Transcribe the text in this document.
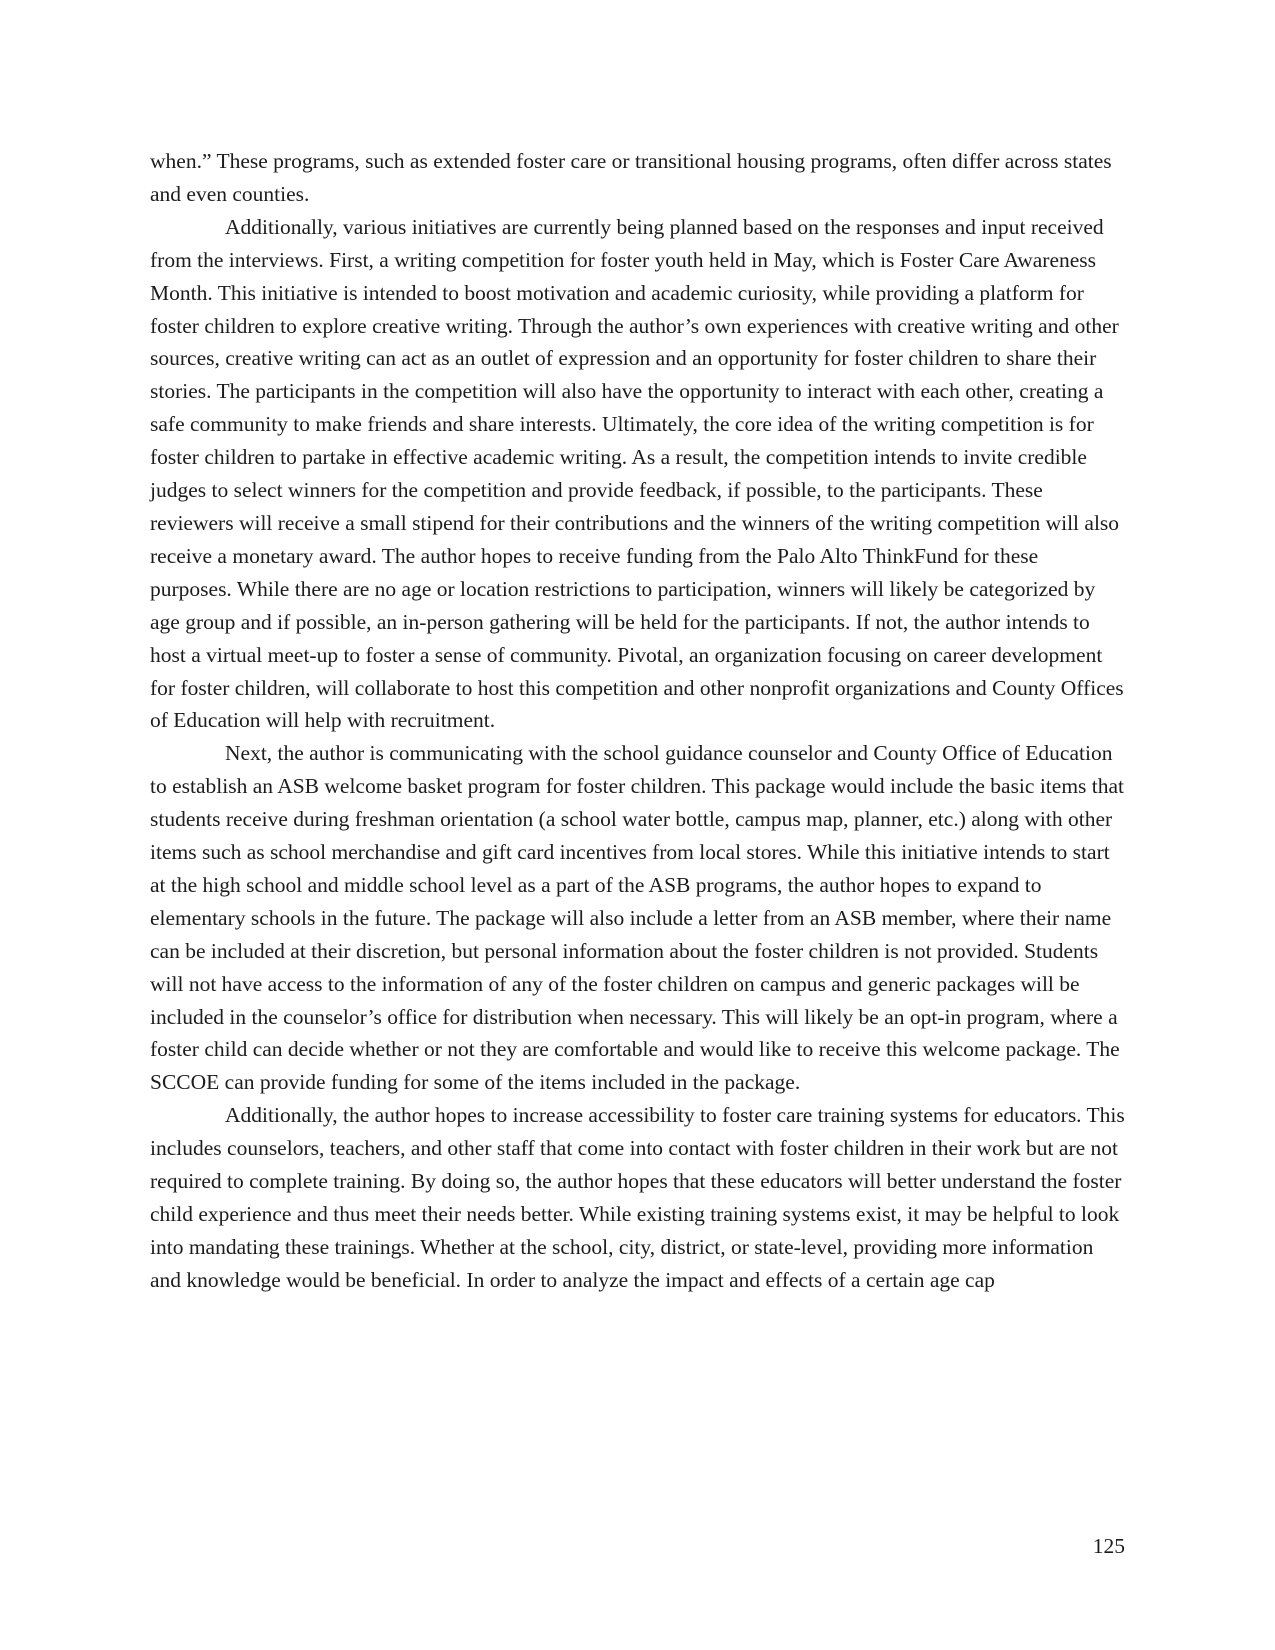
when.” These programs, such as extended foster care or transitional housing programs, often differ across states and even counties.

Additionally, various initiatives are currently being planned based on the responses and input received from the interviews. First, a writing competition for foster youth held in May, which is Foster Care Awareness Month. This initiative is intended to boost motivation and academic curiosity, while providing a platform for foster children to explore creative writing. Through the author’s own experiences with creative writing and other sources, creative writing can act as an outlet of expression and an opportunity for foster children to share their stories. The participants in the competition will also have the opportunity to interact with each other, creating a safe community to make friends and share interests. Ultimately, the core idea of the writing competition is for foster children to partake in effective academic writing. As a result, the competition intends to invite credible judges to select winners for the competition and provide feedback, if possible, to the participants. These reviewers will receive a small stipend for their contributions and the winners of the writing competition will also receive a monetary award. The author hopes to receive funding from the Palo Alto ThinkFund for these purposes. While there are no age or location restrictions to participation, winners will likely be categorized by age group and if possible, an in-person gathering will be held for the participants. If not, the author intends to host a virtual meet-up to foster a sense of community. Pivotal, an organization focusing on career development for foster children, will collaborate to host this competition and other nonprofit organizations and County Offices of Education will help with recruitment.

Next, the author is communicating with the school guidance counselor and County Office of Education to establish an ASB welcome basket program for foster children. This package would include the basic items that students receive during freshman orientation (a school water bottle, campus map, planner, etc.) along with other items such as school merchandise and gift card incentives from local stores. While this initiative intends to start at the high school and middle school level as a part of the ASB programs, the author hopes to expand to elementary schools in the future. The package will also include a letter from an ASB member, where their name can be included at their discretion, but personal information about the foster children is not provided. Students will not have access to the information of any of the foster children on campus and generic packages will be included in the counselor’s office for distribution when necessary. This will likely be an opt-in program, where a foster child can decide whether or not they are comfortable and would like to receive this welcome package. The SCCOE can provide funding for some of the items included in the package.

Additionally, the author hopes to increase accessibility to foster care training systems for educators. This includes counselors, teachers, and other staff that come into contact with foster children in their work but are not required to complete training. By doing so, the author hopes that these educators will better understand the foster child experience and thus meet their needs better. While existing training systems exist, it may be helpful to look into mandating these trainings. Whether at the school, city, district, or state-level, providing more information and knowledge would be beneficial. In order to analyze the impact and effects of a certain age cap

125
